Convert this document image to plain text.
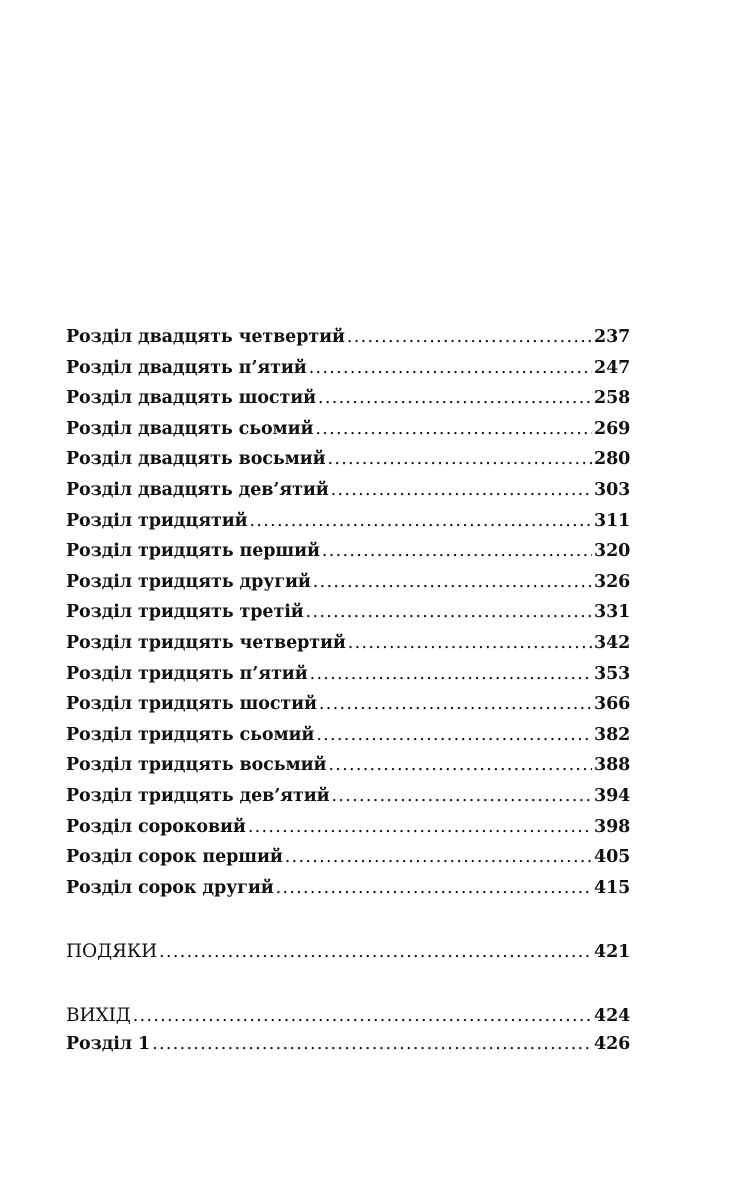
Розділ двадцять четвертий .....	237
Розділ двадцять п’ятий .....	247
Розділ двадцять шостий .....	258
Розділ двадцять сьомий .....	269
Розділ двадцять восьмий .....	280
Розділ двадцять дев’ятий .....	303
Розділ тридцятий .....	311
Розділ тридцять перший .....	320
Розділ тридцять другий .....	326
Розділ тридцять третій .....	331
Розділ тридцять четвертий .....	342
Розділ тридцять п’ятий .....	353
Розділ тридцять шостий .....	366
Розділ тридцять сьомий .....	382
Розділ тридцять восьмий .....	388
Розділ тридцять дев’ятий .....	394
Розділ сороковий .....	398
Розділ сорок перший .....	405
Розділ сорок другий .....	415
ПОДЯКИ .....	421
ВИХІД .....	424
Розділ 1 .....	426
